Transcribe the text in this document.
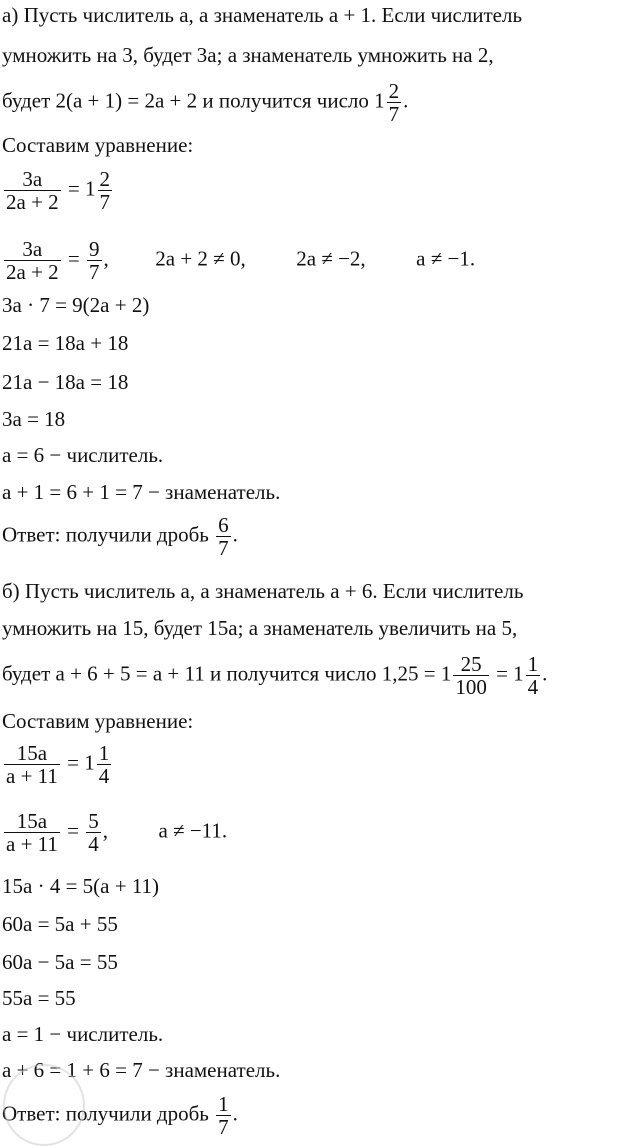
а) Пусть числитель a, а знаменатель a + 1. Если числитель
умножить на 3, будет 3a; а знаменатель умножить на 2,
будет 2(a + 1) = 2a + 2 и получится число $1 \frac{2}{7}$ .
Составим уравнение:
$\frac{3a}{2a + 2} = 1 \frac{2}{7}$
$\frac{3a}{2a + 2} = \frac{9}{7}$ , 2a + 2 ≠ 0, 2a ≠ −2, a ≠ −1.
3a · 7 = 9(2a + 2)
21a = 18a + 18
21a − 18a = 18
3a = 18
a = 6 − числитель.
a + 1 = 6 + 1 = 7 − знаменатель.
Ответ: получили дробь $\frac{6}{7}$ .
б) Пусть числитель a, а знаменатель a + 6. Если числитель
умножить на 15, будет 15a; а знаменатель увеличить на 5,
будет a + 6 + 5 = a + 11 и получится число $1,25 = 1 \frac{25}{100} = 1 \frac{1}{4}$ .
Составим уравнение:
$\frac{15a}{a + 11} = 1 \frac{1}{4}$
$\frac{15a}{a + 11} = \frac{5}{4}$ , a ≠ −11.
15a · 4 = 5(a + 11)
60a = 5a + 55
60a − 5a = 55
55a = 55
a = 1 − числитель.
a + 6 = 1 + 6 = 7 − знаменатель.
Ответ: получили дробь $\frac{1}{7}$ .
